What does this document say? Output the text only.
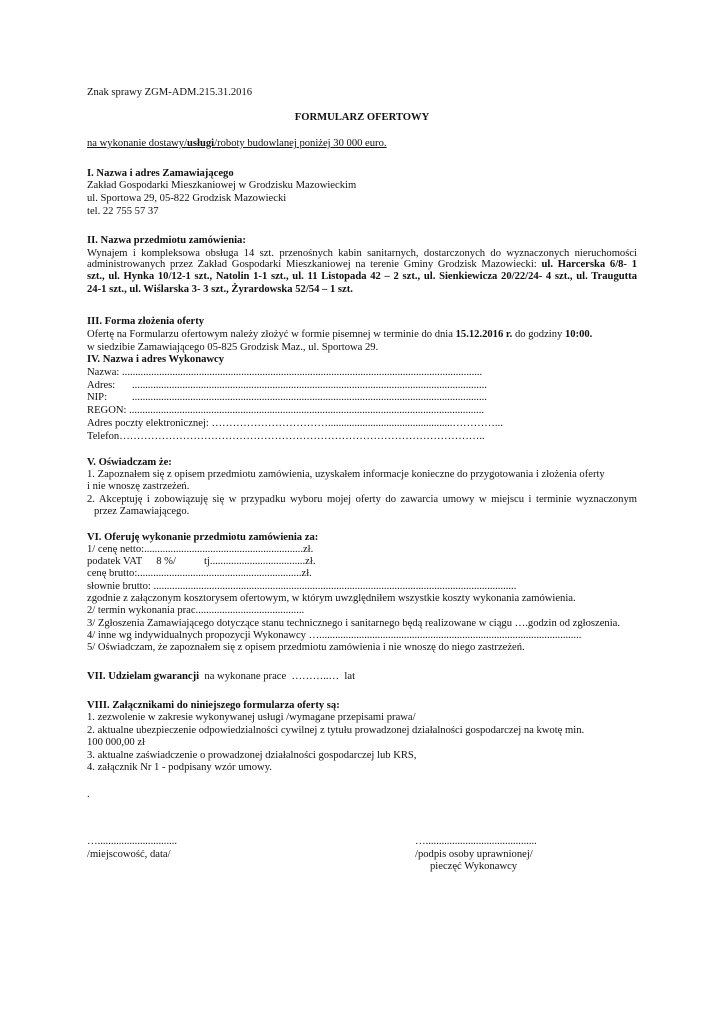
Znak sprawy ZGM-ADM.215.31.2016
FORMULARZ OFERTOWY
na wykonanie dostawy/usługi/roboty budowlanej poniżej 30 000 euro.
I. Nazwa i adres Zamawiającego
Zakład Gospodarki Mieszkaniowej w Grodzisku Mazowieckim
ul. Sportowa 29, 05-822 Grodzisk Mazowiecki
tel. 22 755 57 37
II. Nazwa przedmiotu zamówienia:
Wynajem i kompleksowa obsługa 14 szt. przenośnych kabin sanitarnych, dostarczonych do wyznaczonych nieruchomości
administrowanych przez Zakład Gospodarki Mieszkaniowej na terenie Gminy Grodzisk Mazowiecki: ul. Harcerska 6/8- 1
szt., ul. Hynka 10/12-1 szt., Natolin 1-1 szt., ul. 11 Listopada 42 – 2 szt., ul. Sienkiewicza 20/22/24- 4 szt., ul. Traugutta
24-1 szt., ul. Wiślarska 3- 3 szt., Żyrardowska 52/54 – 1 szt.
III. Forma złożenia oferty
Ofertę na Formularzu ofertowym należy złożyć w formie pisemnej w terminie do dnia 15.12.2016 r. do godziny 10:00.
w siedzibie Zamawiającego 05-825 Grodzisk Maz., ul. Sportowa 29.
IV. Nazwa i adres Wykonawcy
Nazwa: ........................................................................................................................................
Adres: ......................................................................................................................................
NIP: ......................................................................................................................................
REGON: ......................................................................................................................................
Adres poczty elektronicznej: ……………………………...............................................…………...
Telefon…………………………………………………………………………………………..
V. Oświadczam że:
1. Zapoznałem się z opisem przedmiotu zamówienia, uzyskałem informacje konieczne do przygotowania i złożenia oferty
i nie wnoszę zastrzeżeń.
2. Akceptuję i zobowiązuję się w przypadku wyboru mojej oferty do zawarcia umowy w miejscu i terminie wyznaczonym
przez Zamawiającego.
VI. Oferuję wykonanie przedmiotu zamówienia za:
1/ cenę netto:............................................................zł.
podatek VAT 8 %/	tj....................................zł.
cenę brutto:..............................................................zł.
słownie brutto: .........................................................................................................................................
zgodnie z załączonym kosztorysem ofertowym, w którym uwzględniłem wszystkie koszty wykonania zamówienia.
2/ termin wykonania prac.........................................
3/ Zgłoszenia Zamawiającego dotyczące stanu technicznego i sanitarnego będą realizowane w ciągu ….godzin od zgłoszenia.
4/ inne wg indywidualnych propozycji Wykonawcy …...................................................................................................
5/ Oświadczam, że zapoznałem się z opisem przedmiotu zamówienia i nie wnoszę do niego zastrzeżeń.
VII. Udzielam gwarancji  na wykonane prace  ………..…  lat
VIII. Załącznikami do niniejszego formularza oferty są:
1. zezwolenie w zakresie wykonywanej usługi /wymagane przepisami prawa/
2. aktualne ubezpieczenie odpowiedzialności cywilnej z tytułu prowadzonej działalności gospodarczej na kwotę min.
100 000,00 zł
3. aktualne zaświadczenie o prowadzonej działalności gospodarczej lub KRS,
4. załącznik Nr 1 - podpisany wzór umowy.
.
…..............................
/miejscowość, data/
…..........................................
/podpis osoby uprawnionej/
pieczęć Wykonawcy
